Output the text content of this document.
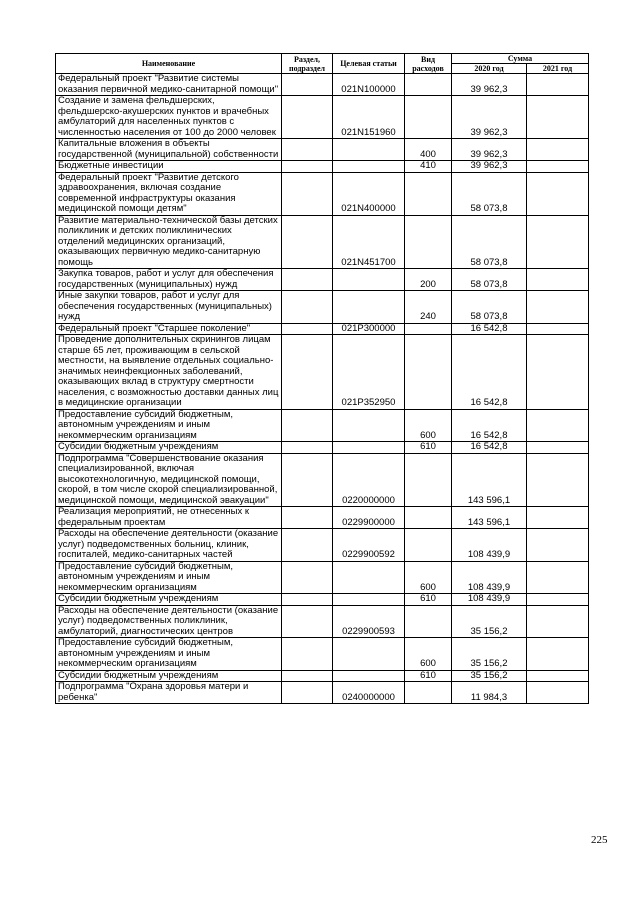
Наименование	Раздел, подраздел	Целевая статьи	Вид расходов	Сумма	
				2020 год	2021 год
Федеральный проект "Развитие системы оказания первичной медико-санитарной помощи"		021N100000		39 962,3	
Создание и замена фельдшерских, фельдшерско-акушерских пунктов и врачебных амбулаторий для населенных пунктов с численностью населения от 100 до 2000 человек		021N151960		39 962,3	
Капитальные вложения в объекты государственной (муниципальной) собственности			400	39 962,3	
Бюджетные инвестиции			410	39 962,3	
Федеральный проект "Развитие детского здравоохранения, включая создание современной инфраструктуры оказания медицинской помощи детям"		021N400000		58 073,8	
Развитие материально-технической базы детских поликлиник и детских поликлинических отделений медицинских организаций, оказывающих первичную медико-санитарную помощь		021N451700		58 073,8	
Закупка товаров, работ и услуг для обеспечения государственных (муниципальных) нужд			200	58 073,8	
Иные закупки товаров, работ и услуг для обеспечения государственных (муниципальных) нужд			240	58 073,8	
Федеральный проект "Старшее поколение"		021P300000		16 542,8	
Проведение дополнительных скринингов лицам старше 65 лет, проживающим в сельской местности, на выявление отдельных социально-значимых неинфекционных заболеваний, оказывающих вклад в структуру смертности населения, с возможностью доставки данных лиц в медицинские организации		021P352950		16 542,8	
Предоставление субсидий бюджетным, автономным учреждениям и иным некоммерческим организациям			600	16 542,8	
Субсидии бюджетным учреждениям			610	16 542,8	
Подпрограмма "Совершенствование оказания специализированной, включая высокотехнологичную, медицинской помощи, скорой, в том числе скорой специализированной, медицинской помощи, медицинской эвакуации"		0220000000		143 596,1	
Реализация мероприятий, не отнесенных к федеральным проектам		0229900000		143 596,1	
Расходы на обеспечение деятельности (оказание услуг) подведомственных больниц, клиник, госпиталей, медико-санитарных частей		0229900592		108 439,9	
Предоставление субсидий бюджетным, автономным учреждениям и иным некоммерческим организациям			600	108 439,9	
Субсидии бюджетным учреждениям			610	108 439,9	
Расходы на обеспечение деятельности (оказание услуг) подведомственных поликлиник, амбулаторий, диагностических центров		0229900593		35 156,2	
Предоставление субсидий бюджетным, автономным учреждениям и иным некоммерческим организациям			600	35 156,2	
Субсидии бюджетным учреждениям			610	35 156,2	
Подпрограмма "Охрана здоровья матери и ребенка"		0240000000		11 984,3	
225
